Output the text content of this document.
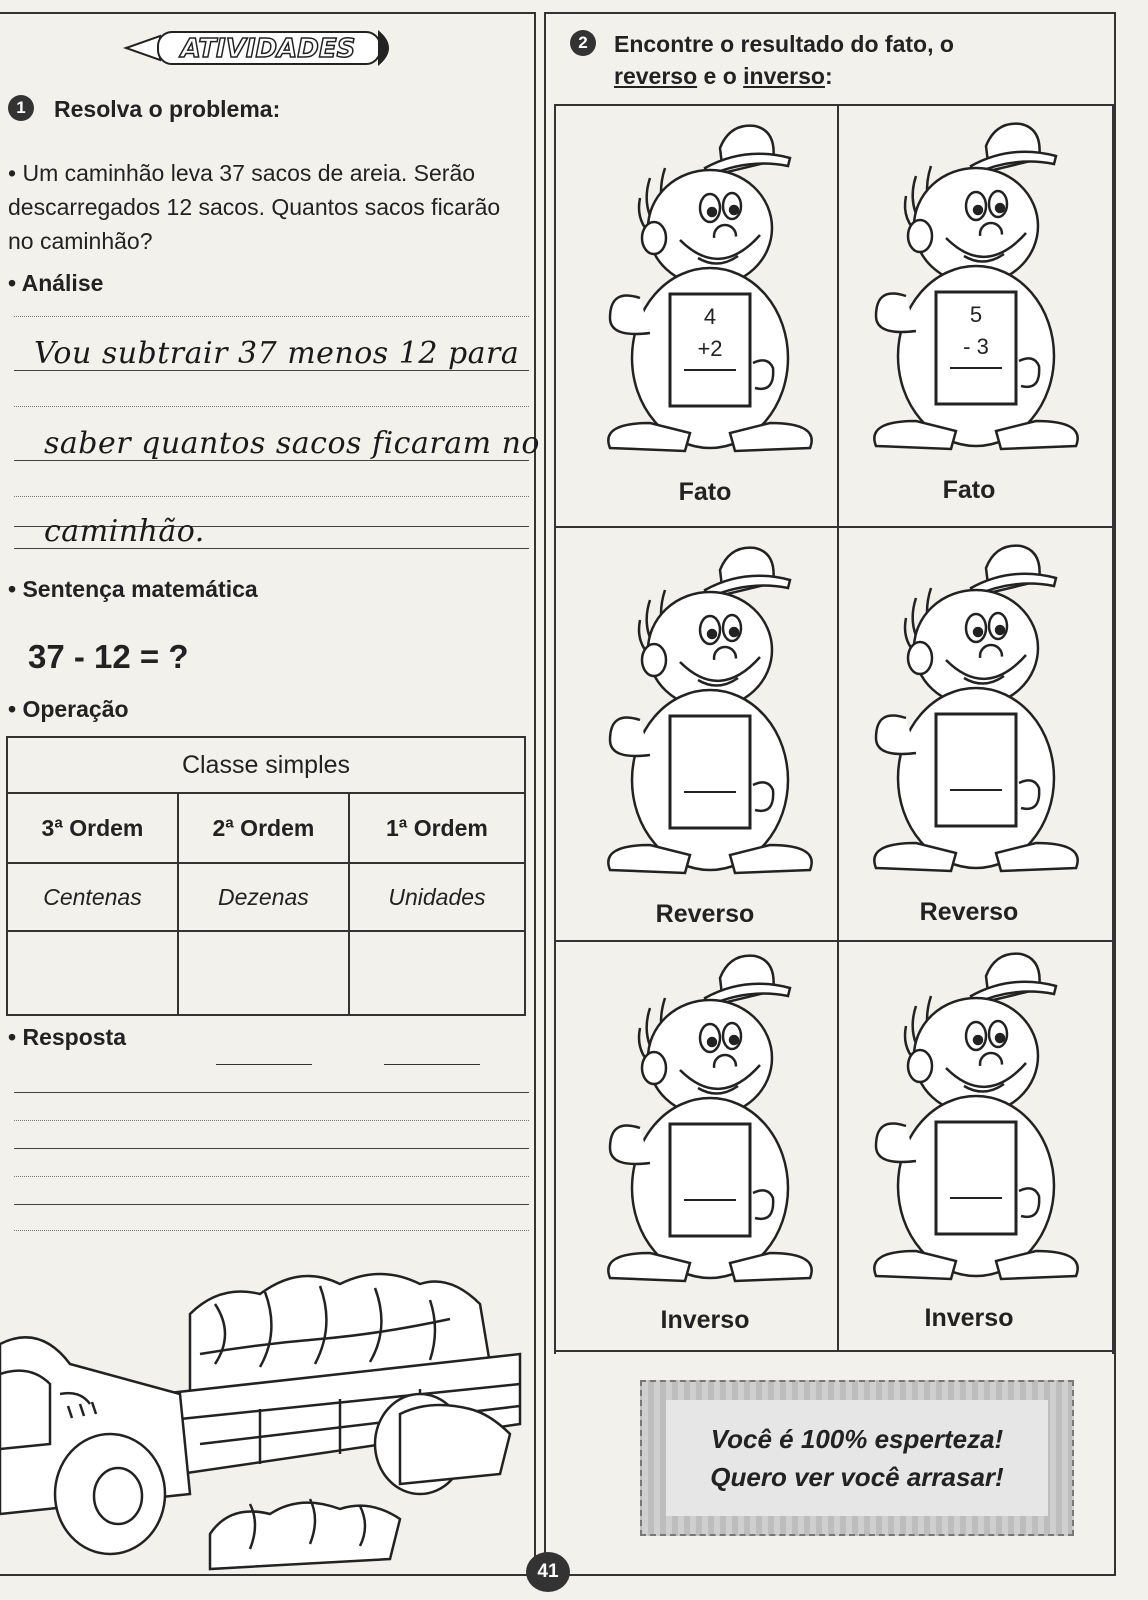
ATIVIDADES
1	Resolva o problema:
• Um caminhão leva 37 sacos de areia. Serão descarregados 12 sacos. Quantos sacos ficarão no caminhão?
• Análise
Vou subtrair 37 menos 12 para
saber quantos sacos ficaram no
caminhão.
• Sentença matemática
37 - 12 = ?
• Operação
Classe simples		
3ª Ordem	2ª Ordem	1ª Ordem
Centenas	Dezenas	Unidades

• Resposta
2	Encontre o resultado do fato, o
reverso e o inverso:
4
+2
5
- 3
Fato	Fato
Reverso	Reverso
Inverso	Inverso
Você é 100% esperteza!
Quero ver você arrasar!
41
